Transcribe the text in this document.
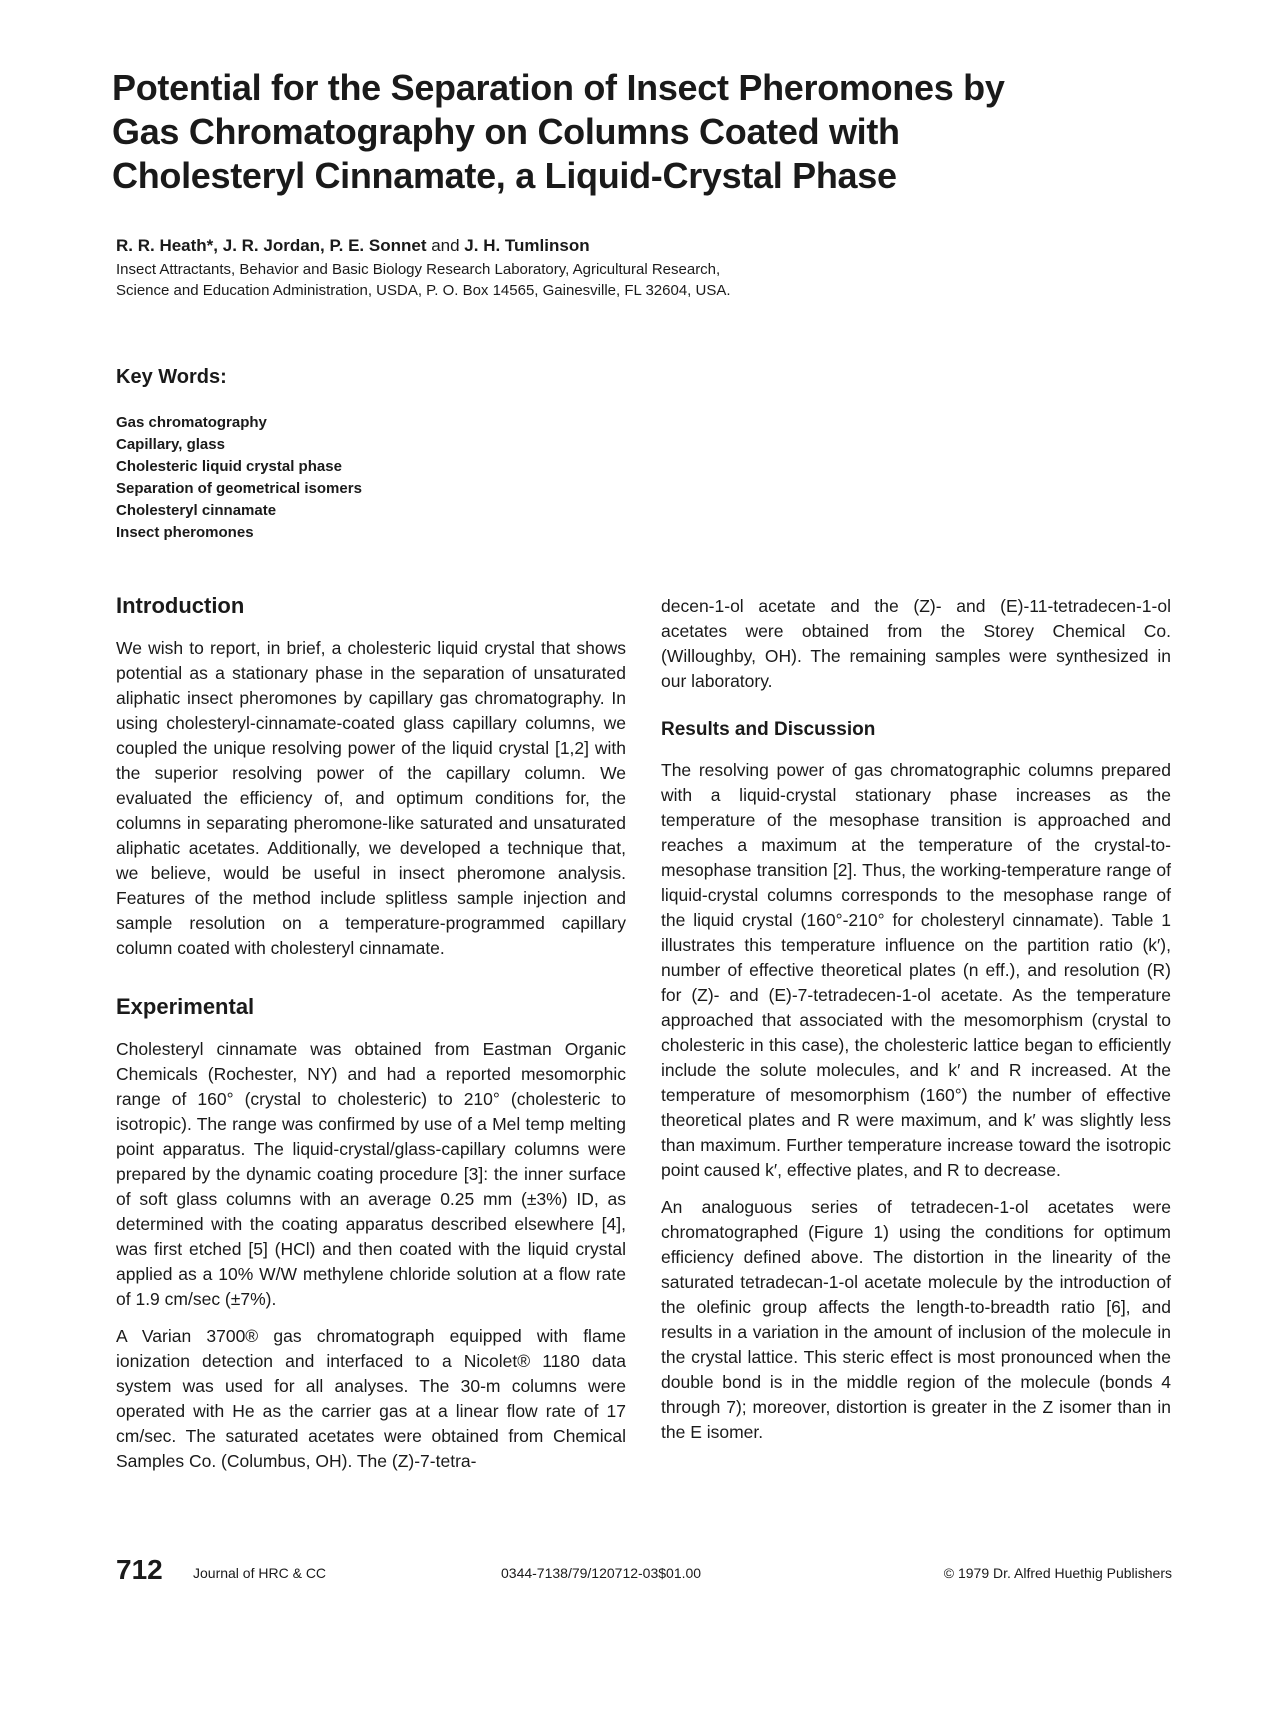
Potential for the Separation of Insect Pheromones by
Gas Chromatography on Columns Coated with
Cholesteryl Cinnamate, a Liquid-Crystal Phase
R. R. Heath*, J. R. Jordan, P. E. Sonnet and J. H. Tumlinson
Insect Attractants, Behavior and Basic Biology Research Laboratory, Agricultural Research,
Science and Education Administration, USDA, P. O. Box 14565, Gainesville, FL 32604, USA.
Key Words:
Gas chromatography
Capillary, glass
Cholesteric liquid crystal phase
Separation of geometrical isomers
Cholesteryl cinnamate
Insect pheromones
Introduction

We wish to report, in brief, a cholesteric liquid crystal that shows potential as a stationary phase in the separation of unsaturated aliphatic insect pheromones by capillary gas chromatography. In using cholesteryl-cinnamate-coated glass capillary columns, we coupled the unique resolving power of the liquid crystal [1,2] with the superior resolving power of the capillary column. We evaluated the efficiency of, and optimum conditions for, the columns in separating pheromone-like saturated and unsaturated aliphatic acetates. Additionally, we developed a technique that, we believe, would be useful in insect pheromone analysis. Features of the method include splitless sample injection and sample resolution on a temperature-programmed capillary column coated with cholesteryl cinnamate.

Experimental

Cholesteryl cinnamate was obtained from Eastman Organic Chemicals (Rochester, NY) and had a reported mesomorphic range of 160° (crystal to cholesteric) to 210° (cholesteric to isotropic). The range was confirmed by use of a Mel temp melting point apparatus. The liquid-crystal/glass-capillary columns were prepared by the dynamic coating procedure [3]: the inner surface of soft glass columns with an average 0.25 mm (±3%) ID, as determined with the coating apparatus described elsewhere [4], was first etched [5] (HCl) and then coated with the liquid crystal applied as a 10% W/W methylene chloride solution at a flow rate of 1.9 cm/sec (±7%).

A Varian 3700® gas chromatograph equipped with flame ionization detection and interfaced to a Nicolet® 1180 data system was used for all analyses. The 30-m columns were operated with He as the carrier gas at a linear flow rate of 17 cm/sec. The saturated acetates were obtained from Chemical Samples Co. (Columbus, OH). The (Z)-7-tetra-

decen-1-ol acetate and the (Z)- and (E)-11-tetradecen-1-ol acetates were obtained from the Storey Chemical Co. (Willoughby, OH). The remaining samples were synthesized in our laboratory.

Results and Discussion

The resolving power of gas chromatographic columns prepared with a liquid-crystal stationary phase increases as the temperature of the mesophase transition is approached and reaches a maximum at the temperature of the crystal-to-mesophase transition [2]. Thus, the working-temperature range of liquid-crystal columns corresponds to the mesophase range of the liquid crystal (160°-210° for cholesteryl cinnamate). Table 1 illustrates this temperature influence on the partition ratio (k′), number of effective theoretical plates (n eff.), and resolution (R) for (Z)- and (E)-7-tetradecen-1-ol acetate. As the temperature approached that associated with the mesomorphism (crystal to cholesteric in this case), the cholesteric lattice began to efficiently include the solute molecules, and k′ and R increased. At the temperature of mesomorphism (160°) the number of effective theoretical plates and R were maximum, and k′ was slightly less than maximum. Further temperature increase toward the isotropic point caused k′, effective plates, and R to decrease.

An analoguous series of tetradecen-1-ol acetates were chromatographed (Figure 1) using the conditions for optimum efficiency defined above. The distortion in the linearity of the saturated tetradecan-1-ol acetate molecule by the introduction of the olefinic group affects the length-to-breadth ratio [6], and results in a variation in the amount of inclusion of the molecule in the crystal lattice. This steric effect is most pronounced when the double bond is in the middle region of the molecule (bonds 4 through 7); moreover, distortion is greater in the Z isomer than in the E isomer.

712 Journal of HRC & CC	0344-7138/79/120712-03$01.00	© 1979 Dr. Alfred Huethig Publishers
